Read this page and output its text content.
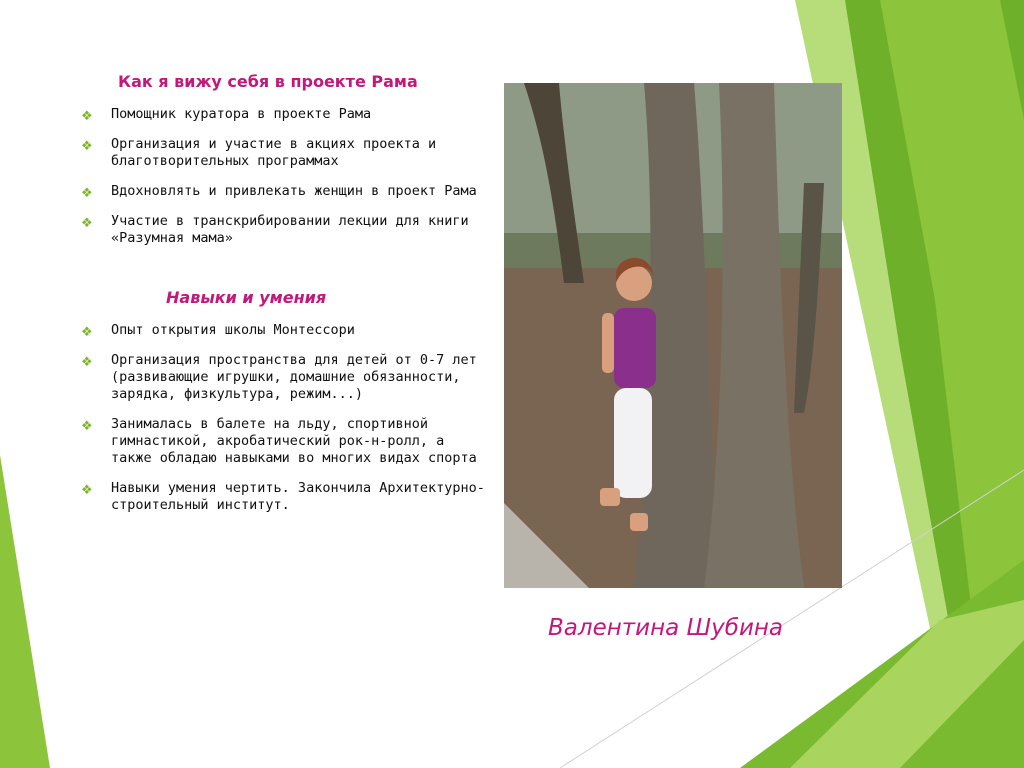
Как я вижу себя в проекте Рама
❖ Помощник куратора в проекте Рама
❖ Организация и участие в акциях проекта и благотворительных программах
❖ Вдохновлять и привлекать женщин в проект Рама
❖ Участие в транскрибировании лекции для книги «Разумная мама»
Навыки и умения
❖ Опыт открытия школы Монтессори
❖ Организация пространства для детей от 0-7 лет (развивающие игрушки, домашние обязанности, зарядка, физкультура, режим...)
❖ Занималась в балете на льду, спортивной гимнастикой, акробатический рок-н-ролл, а также обладаю навыками во многих видах спорта
❖ Навыки умения чертить. Закончила Архитектурно-строительный институт.
Валентина Шубина
